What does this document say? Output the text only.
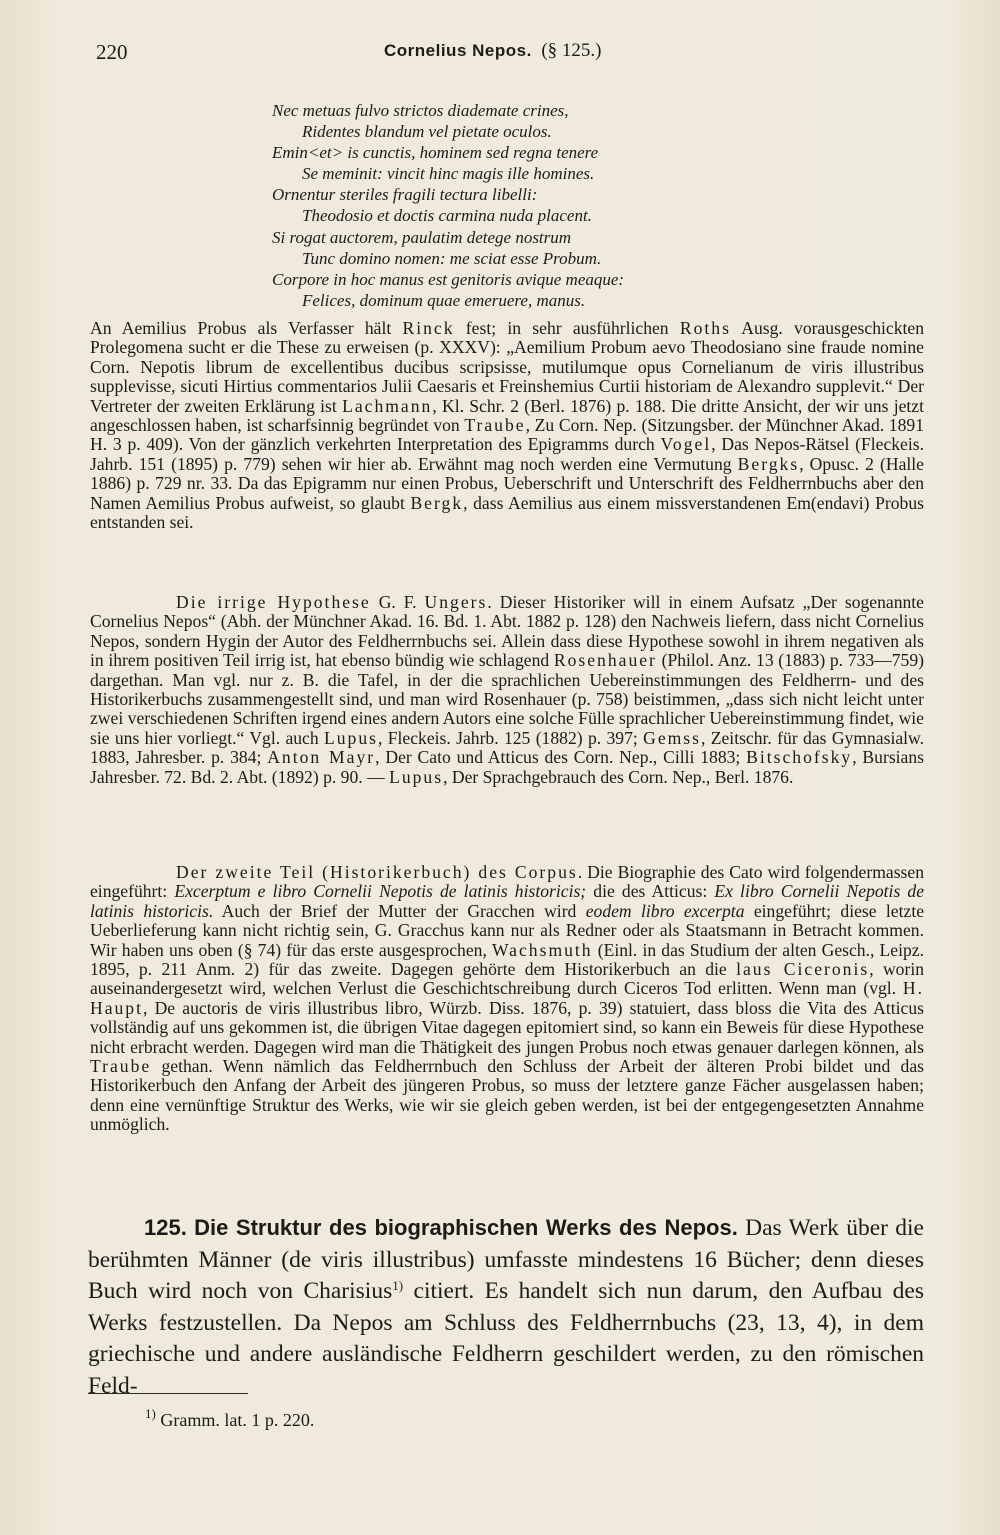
220	Cornelius Nepos. (§ 125.)
Nec metuas fulvo strictos diademate crines,
Ridentes blandum vel pietate oculos.
Emin<et> is cunctis, hominem sed regna tenere
Se meminit: vincit hinc magis ille homines.
Ornentur steriles fragili tectura libelli:
Theodosio et doctis carmina nuda placent.
Si rogat auctorem, paulatim detege nostrum
Tunc domino nomen: me sciat esse Probum.
Corpore in hoc manus est genitoris avique meaque:
Felices, dominum quae emeruere, manus.

An Aemilius Probus als Verfasser hält Rinck fest; in sehr ausführlichen Roths Ausg. vorausgeschickten Prolegomena sucht er die These zu erweisen (p. XXXV): „Aemilium Probum aevo Theodosiano sine fraude nomine Corn. Nepotis librum de excellentibus ducibus scripsisse, mutilumque opus Cornelianum de viris illustribus supplevisse, sicuti Hirtius commentarios Julii Caesaris et Freinshemius Curtii historiam de Alexandro supplevit.“ Der Vertreter der zweiten Erklärung ist Lachmann, Kl. Schr. 2 (Berl. 1876) p. 188. Die dritte Ansicht, der wir uns jetzt angeschlossen haben, ist scharfsinnig begründet von Traube, Zu Corn. Nep. (Sitzungsber. der Münchner Akad. 1891 H. 3 p. 409). Von der gänzlich verkehrten Interpretation des Epigramms durch Vogel, Das Nepos-Rätsel (Fleckeis. Jahrb. 151 (1895) p. 779) sehen wir hier ab. Erwähnt mag noch werden eine Vermutung Bergks, Opusc. 2 (Halle 1886) p. 729 nr. 33. Da das Epigramm nur einen Probus, Ueberschrift und Unterschrift des Feldherrnbuchs aber den Namen Aemilius Probus aufweist, so glaubt Bergk, dass Aemilius aus einem missverstandenen Em(endavi) Probus entstanden sei.

Die irrige Hypothese G. F. Ungers. Dieser Historiker will in einem Aufsatz „Der sogenannte Cornelius Nepos“ (Abh. der Münchner Akad. 16. Bd. 1. Abt. 1882 p. 128) den Nachweis liefern, dass nicht Cornelius Nepos, sondern Hygin der Autor des Feldherrnbuchs sei. Allein dass diese Hypothese sowohl in ihrem negativen als in ihrem positiven Teil irrig ist, hat ebenso bündig wie schlagend Rosenhauer (Philol. Anz. 13 (1883) p. 733—759) dargethan. Man vgl. nur z. B. die Tafel, in der die sprachlichen Uebereinstimmungen des Feldherrn- und des Historikerbuchs zusammengestellt sind, und man wird Rosenhauer (p. 758) beistimmen, „dass sich nicht leicht unter zwei verschiedenen Schriften irgend eines andern Autors eine solche Fülle sprachlicher Uebereinstimmung findet, wie sie uns hier vorliegt.“ Vgl. auch Lupus, Fleckeis. Jahrb. 125 (1882) p. 397; Gemss, Zeitschr. für das Gymnasialw. 1883, Jahresber. p. 384; Anton Mayr, Der Cato und Atticus des Corn. Nep., Cilli 1883; Bitschofsky, Bursians Jahresber. 72. Bd. 2. Abt. (1892) p. 90. — Lupus, Der Sprachgebrauch des Corn. Nep., Berl. 1876.

Der zweite Teil (Historikerbuch) des Corpus. Die Biographie des Cato wird folgendermassen eingeführt: Excerptum e libro Cornelii Nepotis de latinis historicis; die des Atticus: Ex libro Cornelii Nepotis de latinis historicis. Auch der Brief der Mutter der Gracchen wird eodem libro excerpta eingeführt; diese letzte Ueberlieferung kann nicht richtig sein, G. Gracchus kann nur als Redner oder als Staatsmann in Betracht kommen. Wir haben uns oben (§ 74) für das erste ausgesprochen, Wachsmuth (Einl. in das Studium der alten Gesch., Leipz. 1895, p. 211 Anm. 2) für das zweite. Dagegen gehörte dem Historikerbuch an die laus Ciceronis, worin auseinandergesetzt wird, welchen Verlust die Geschichtschreibung durch Ciceros Tod erlitten. Wenn man (vgl. H. Haupt, De auctoris de viris illustribus libro, Würzb. Diss. 1876, p. 39) statuiert, dass bloss die Vita des Atticus vollständig auf uns gekommen ist, die übrigen Vitae dagegen epitomiert sind, so kann ein Beweis für diese Hypothese nicht erbracht werden. Dagegen wird man die Thätigkeit des jungen Probus noch etwas genauer darlegen können, als Traube gethan. Wenn nämlich das Feldherrnbuch den Schluss der Arbeit der älteren Probi bildet und das Historikerbuch den Anfang der Arbeit des jüngeren Probus, so muss der letztere ganze Fächer ausgelassen haben; denn eine vernünftige Struktur des Werks, wie wir sie gleich geben werden, ist bei der entgegengesetzten Annahme unmöglich.

125. Die Struktur des biographischen Werks des Nepos. Das Werk über die berühmten Männer (de viris illustribus) umfasste mindestens 16 Bücher; denn dieses Buch wird noch von Charisius$^{1)}$ citiert. Es handelt sich nun darum, den Aufbau des Werks festzustellen. Da Nepos am Schluss des Feldherrnbuchs (23, 13, 4), in dem griechische und andere ausländische Feldherrn geschildert werden, zu den römischen Feld-

$^{1)}$ Gramm. lat. 1 p. 220.
